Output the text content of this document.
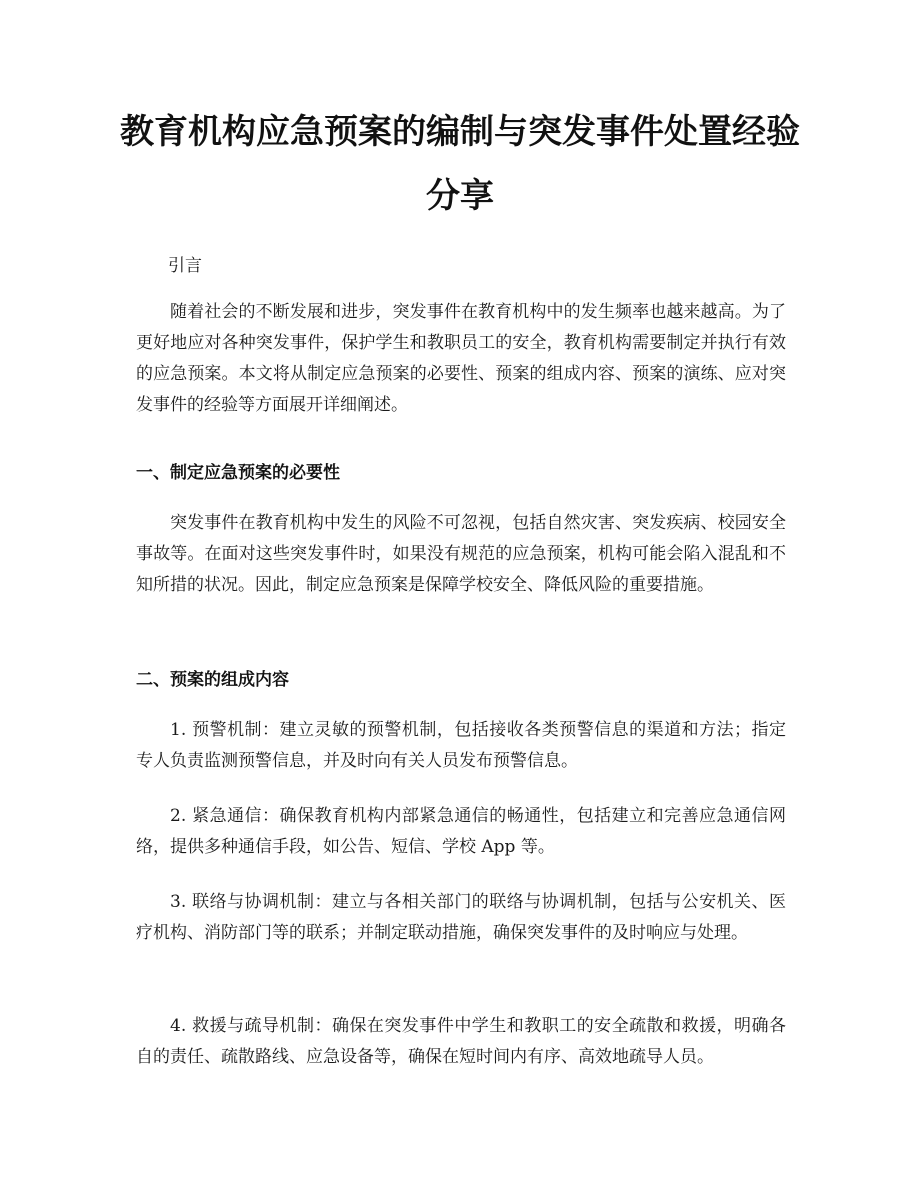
教育机构应急预案的编制与突发事件处置经验分享
引言
随着社会的不断发展和进步，突发事件在教育机构中的发生频率也越来越高。为了更好地应对各种突发事件，保护学生和教职员工的安全，教育机构需要制定并执行有效的应急预案。本文将从制定应急预案的必要性、预案的组成内容、预案的演练、应对突发事件的经验等方面展开详细阐述。
一、制定应急预案的必要性
突发事件在教育机构中发生的风险不可忽视，包括自然灾害、突发疾病、校园安全事故等。在面对这些突发事件时，如果没有规范的应急预案，机构可能会陷入混乱和不知所措的状况。因此，制定应急预案是保障学校安全、降低风险的重要措施。
二、预案的组成内容
1. 预警机制：建立灵敏的预警机制，包括接收各类预警信息的渠道和方法；指定专人负责监测预警信息，并及时向有关人员发布预警信息。
2. 紧急通信：确保教育机构内部紧急通信的畅通性，包括建立和完善应急通信网络，提供多种通信手段，如公告、短信、学校 App 等。
3. 联络与协调机制：建立与各相关部门的联络与协调机制，包括与公安机关、医疗机构、消防部门等的联系；并制定联动措施，确保突发事件的及时响应与处理。
4. 救援与疏导机制：确保在突发事件中学生和教职工的安全疏散和救援，明确各自的责任、疏散路线、应急设备等，确保在短时间内有序、高效地疏导人员。
